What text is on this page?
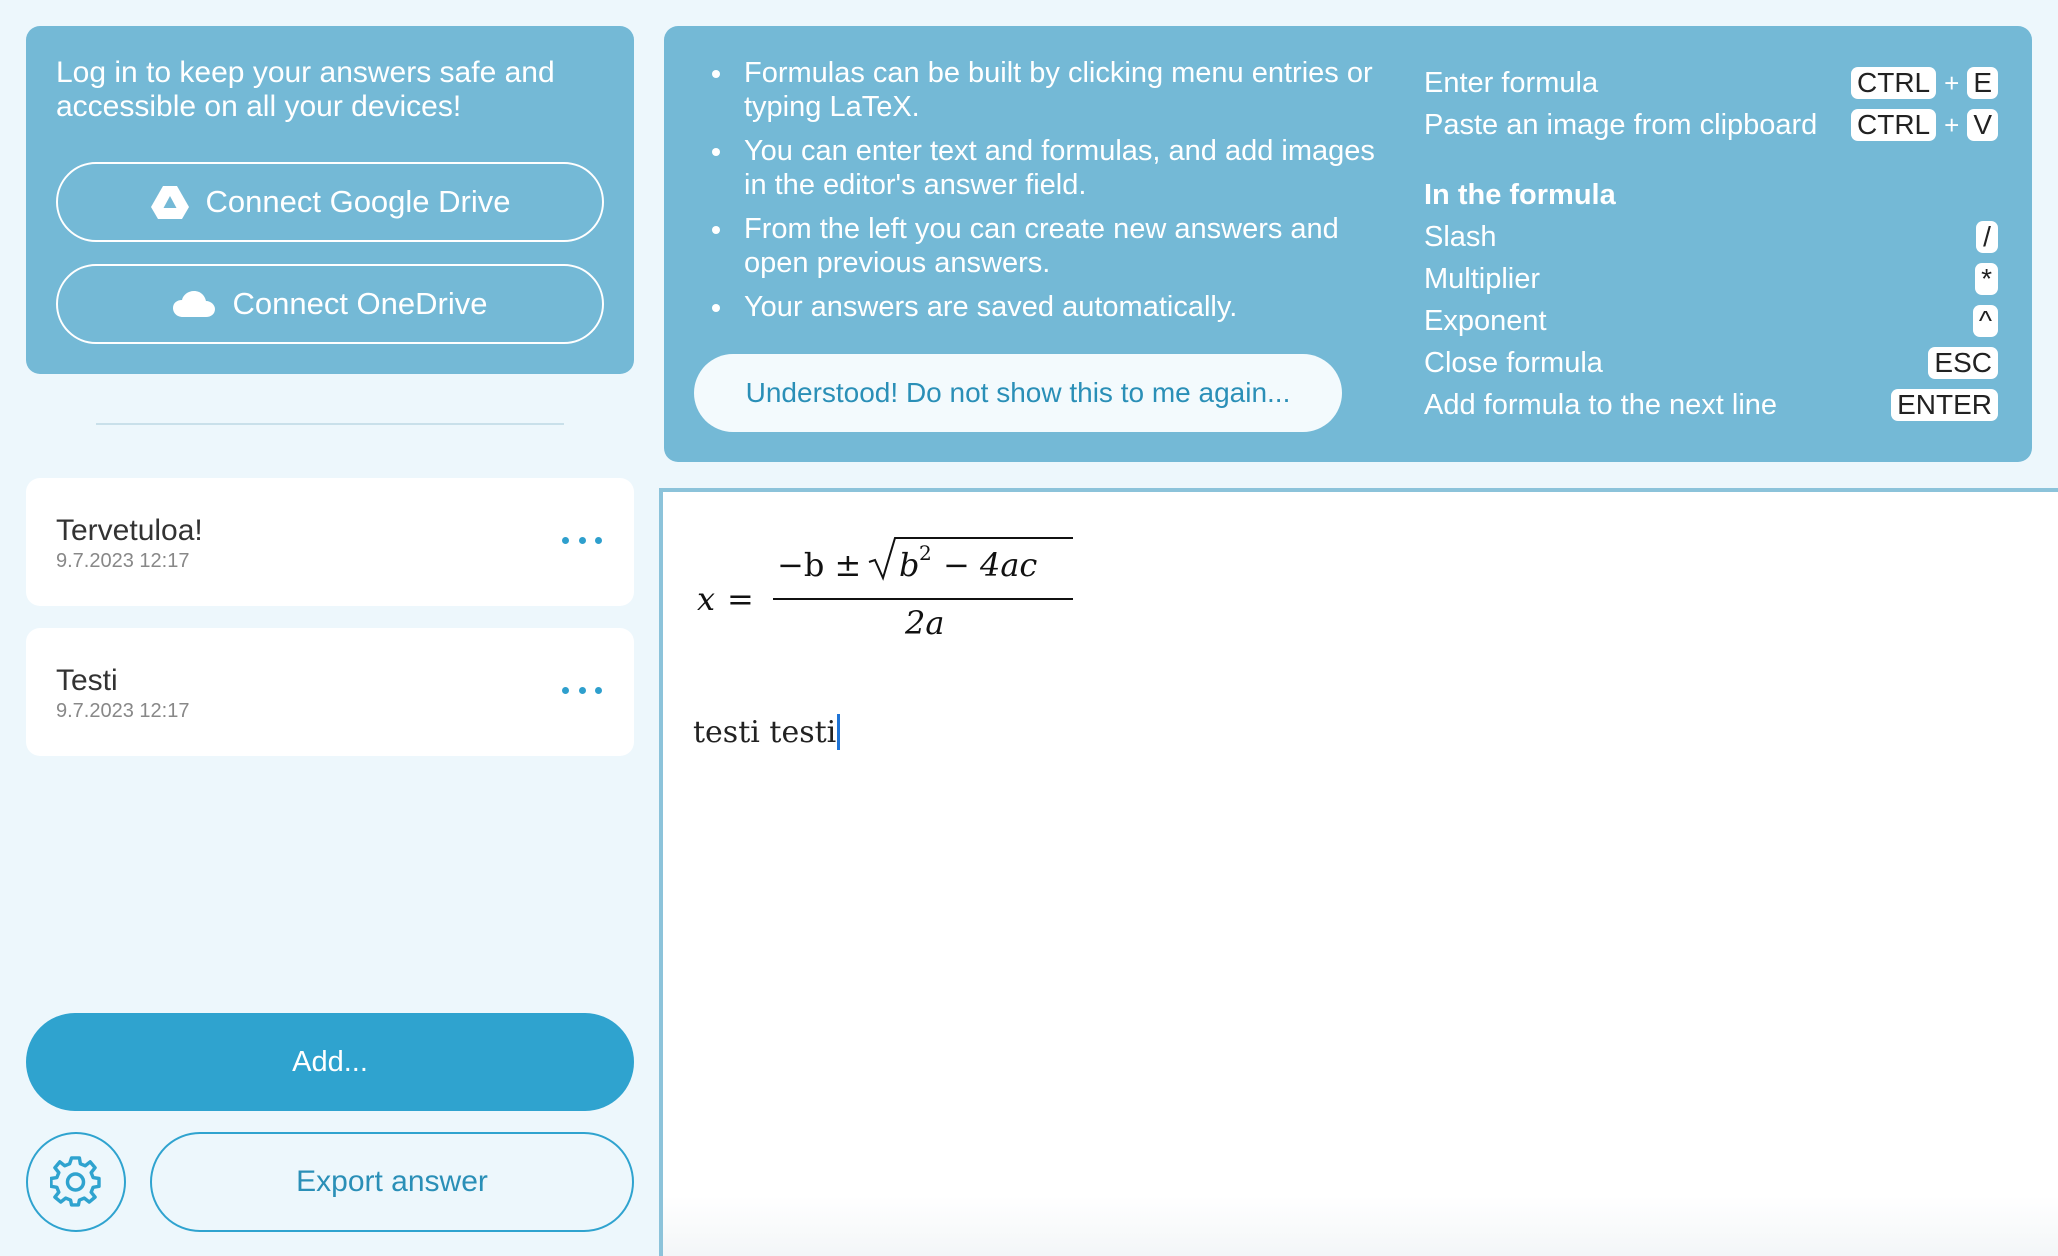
Log in to keep your answers safe and accessible on all your devices!
Connect Google Drive
Connect OneDrive
Tervetuloa!
9.7.2023 12:17
Testi
9.7.2023 12:17
Add...
Export answer
Formulas can be built by clicking menu entries or typing LaTeX.
You can enter text and formulas, and add images in the editor's answer field.
From the left you can create new answers and open previous answers.
Your answers are saved automatically.
Understood! Do not show this to me again...
Enter formula	CTRL + E
Paste an image from clipboard CTRL + V
In the formula
Slash	/
Multiplier	*
Exponent	^
Close formula	ESC
Add formula to the next line	ENTER
x =
−b ± b 2 − 4ac
2a
testi testi
